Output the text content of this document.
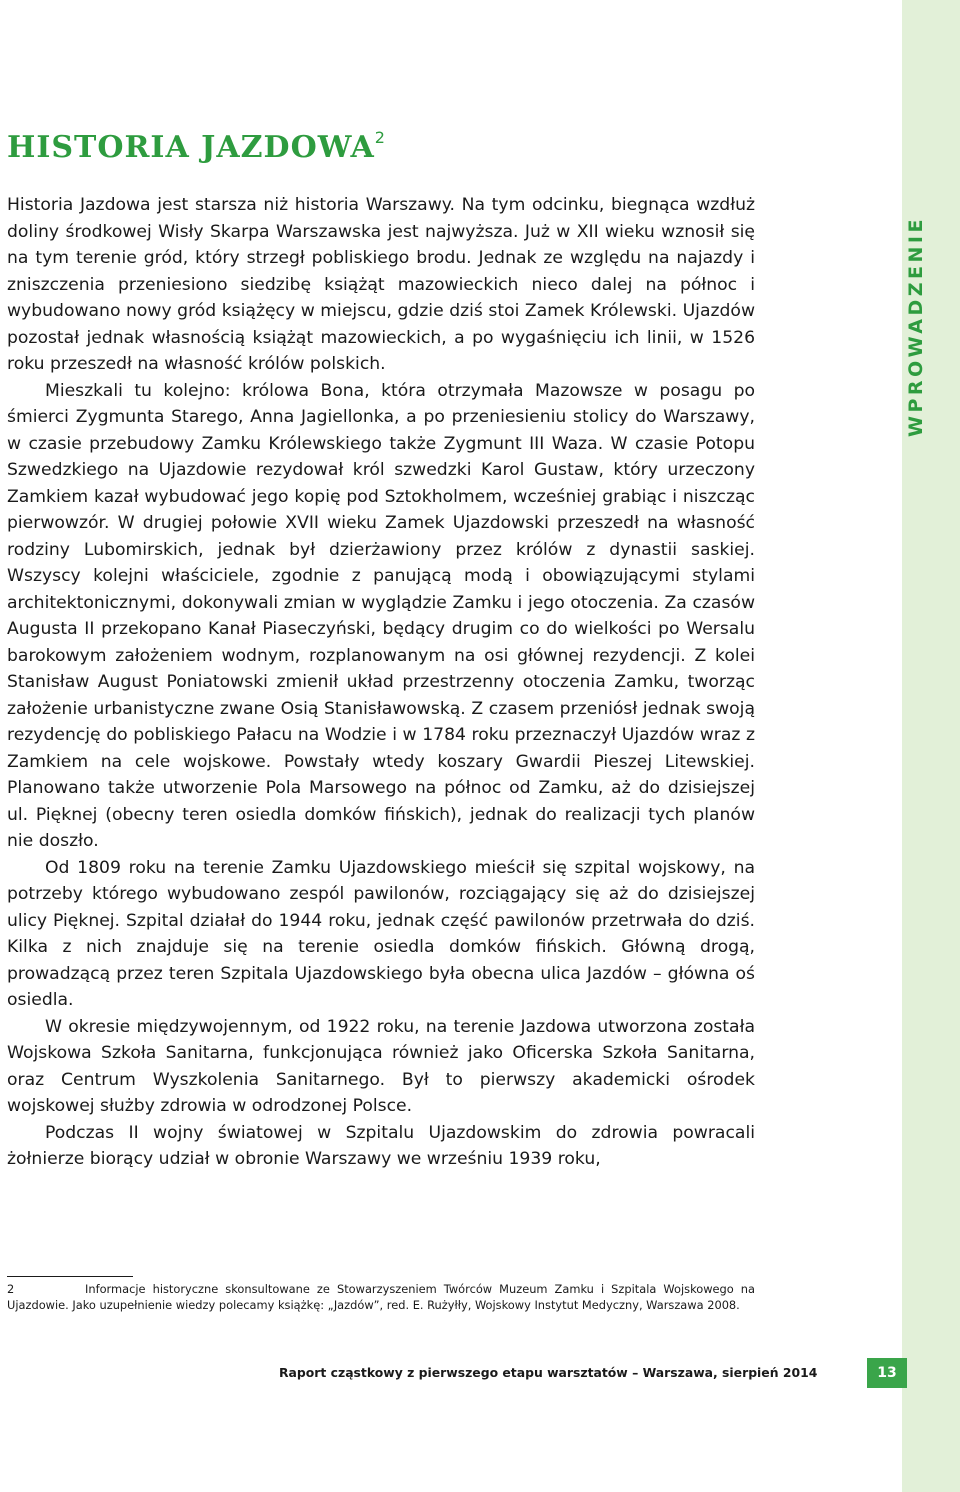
WPROWADZENIE
HISTORIA JAZDOWA$^2$

Historia Jazdowa jest starsza niż historia Warszawy. Na tym odcinku, biegnąca wzdłuż doliny środkowej Wisły Skarpa Warszawska jest najwyższa. Już w XII wieku wznosił się na tym terenie gród, który strzegł pobliskiego brodu. Jednak ze względu na najazdy i zniszczenia przeniesiono siedzibę książąt mazowieckich nieco dalej na północ i wybudowano nowy gród książęcy w miejscu, gdzie dziś stoi Zamek Królewski. Ujazdów pozostał jednak własnością książąt mazowieckich, a po wygaśnięciu ich linii, w 1526 roku przeszedł na własność królów polskich.

Mieszkali tu kolejno: królowa Bona, która otrzymała Mazowsze w posagu po śmierci Zygmunta Starego, Anna Jagiellonka, a po przeniesieniu stolicy do Warszawy, w czasie przebudowy Zamku Królewskiego także Zygmunt III Waza. W czasie Potopu Szwedzkiego na Ujazdowie rezydował król szwedzki Karol Gustaw, który urzeczony Zamkiem kazał wybudować jego kopię pod Sztokholmem, wcześniej grabiąc i niszcząc pierwowzór. W drugiej połowie XVII wieku Zamek Ujazdowski przeszedł na własność rodziny Lubomirskich, jednak był dzierżawiony przez królów z dynastii saskiej. Wszyscy kolejni właściciele, zgodnie z panującą modą i obowiązującymi stylami architektonicznymi, dokonywali zmian w wyglądzie Zamku i jego otoczenia. Za czasów Augusta II przekopano Kanał Piaseczyński, będący drugim co do wielkości po Wersalu barokowym założeniem wodnym, rozplanowanym na osi głównej rezydencji. Z kolei Stanisław August Poniatowski zmienił układ przestrzenny otoczenia Zamku, tworząc założenie urbanistyczne zwane Osią Stanisławowską. Z czasem przeniósł jednak swoją rezydencję do pobliskiego Pałacu na Wodzie i w 1784 roku przeznaczył Ujazdów wraz z Zamkiem na cele wojskowe. Powstały wtedy koszary Gwardii Pieszej Litewskiej. Planowano także utworzenie Pola Marsowego na północ od Zamku, aż do dzisiejszej ul. Pięknej (obecny teren osiedla domków fińskich), jednak do realizacji tych planów nie doszło.

Od 1809 roku na terenie Zamku Ujazdowskiego mieścił się szpital wojskowy, na potrzeby którego wybudowano zespól pawilonów, rozciągający się aż do dzisiejszej ulicy Pięknej. Szpital działał do 1944 roku, jednak część pawilonów przetrwała do dziś. Kilka z nich znajduje się na terenie osiedla domków fińskich. Główną drogą, prowadzącą przez teren Szpitala Ujazdowskiego była obecna ulica Jazdów – główna oś osiedla.

W okresie międzywojennym, od 1922 roku, na terenie Jazdowa utworzona została Wojskowa Szkoła Sanitarna, funkcjonująca również jako Oficerska Szkoła Sanitarna, oraz Centrum Wyszkolenia Sanitarnego. Był to pierwszy akademicki ośrodek wojskowej służby zdrowia w odrodzonej Polsce.

Podczas II wojny światowej w Szpitalu Ujazdowskim do zdrowia powracali żołnierze biorący udział w obronie Warszawy we wrześniu 1939 roku,

2	Informacje historyczne skonsultowane ze Stowarzyszeniem Twórców Muzeum Zamku i Szpitala Wojskowego na Ujazdowie. Jako uzupełnienie wiedzy polecamy książkę: „Jazdów”, red. E. Rużyłły, Wojskowy Instytut Medyczny, Warszawa 2008.
Raport cząstkowy z pierwszego etapu warsztatów – Warszawa, sierpień 2014	13
